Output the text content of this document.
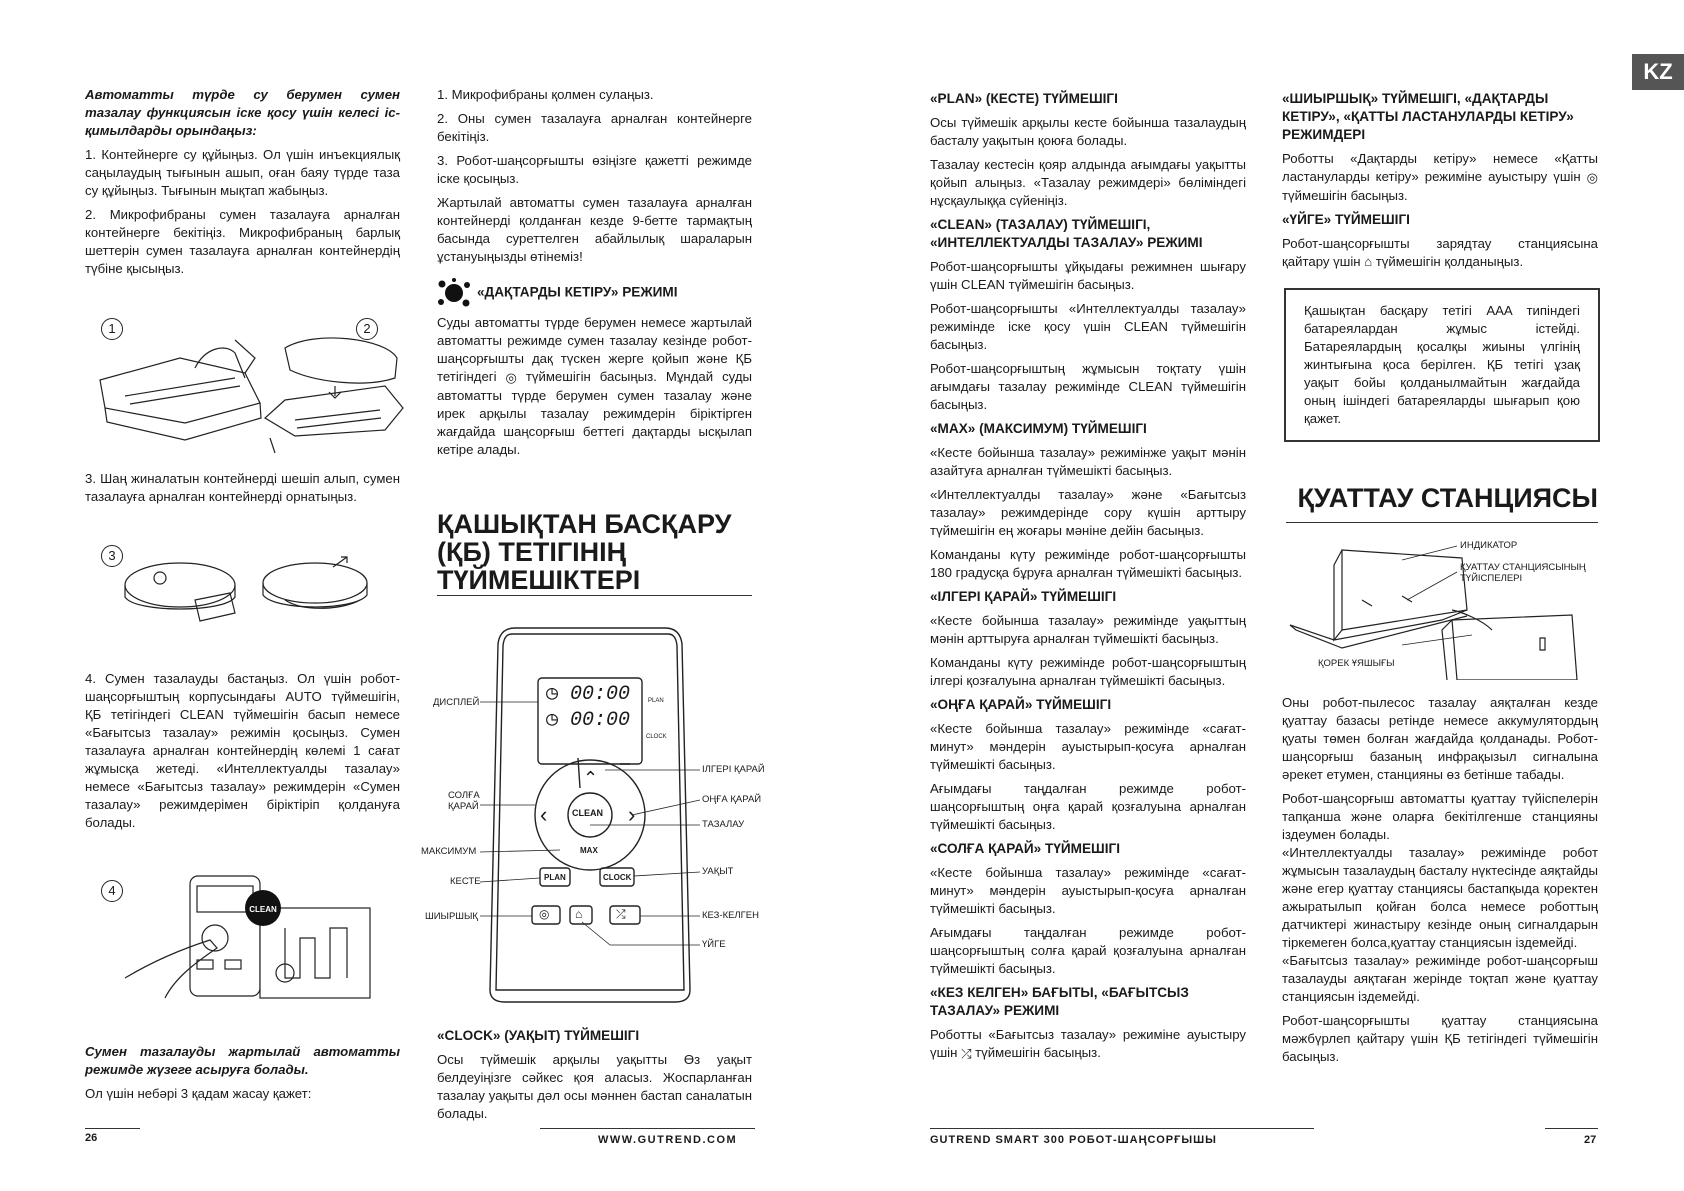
Автоматты түрде су берумен сумен тазалау функциясын іске қосу үшін келесі іс-қимылдарды орындаңыз:

1. Контейнерге су құйыңыз. Ол үшін инъекциялық саңылаудың тығынын ашып, оған баяу түрде таза су құйыңыз. Тығынын мықтап жабыңыз.

2. Микрофибраны сумен тазалауға арналған контейнерге бекітіңіз. Микрофибраның барлық шеттерін сумен тазалауға арналған контейнердің түбіне қысыңыз.

1	2

3. Шаң жиналатын контейнерді шешіп алып, сумен тазалауға арналған контейнерді орнатыңыз.

3

4. Сумен тазалауды бастаңыз. Ол үшін робот-шаңсорғыштың корпусындағы AUTO түймешігін, ҚБ тетігіндегі CLEAN түймешігін басып немесе «Бағытсыз тазалау» режимін қосыңыз. Сумен тазалауға арналған контейнердің көлемі 1 сағат жұмысқа жетеді. «Интеллектуалды тазалау» немесе «Бағытсыз тазалау» режимдерін «Сумен тазалау» режимдерімен біріктіріп қолдануға болады.

4
CLEAN

Сумен тазалауды жартылай автоматты режимде жүзеге асыруға болады.

Ол үшін небәрі 3 қадам жасау қажет:

1. Микрофибраны қолмен сулаңыз.

2. Оны сумен тазалауға арналған контейнерге бекітіңіз.

3. Робот-шаңсорғышты өзіңізге қажетті режимде іске қосыңыз.

Жартылай автоматты сумен тазалауға арналған контейнерді қолданған кезде 9-бетте тармақтың басында суреттелген абайлылық шараларын ұстануыңызды өтінеміз!

«ДАҚТАРДЫ КЕТІРУ» РЕЖИМІ

Суды автоматты түрде берумен немесе жартылай автоматты режимде сумен тазалау кезінде робот-шаңсорғышты дақ түскен жерге қойып және ҚБ тетігіндегі ◎ түймешігін басыңыз. Мұндай суды автоматты түрде берумен сумен тазалау және ирек арқылы тазалау режимдерін біріктірген жағдайда шаңсорғыш беттегі дақтарды ысқылап кетіре алады.

ҚАШЫҚТАН БАСҚАРУ

(ҚБ) ТЕТІГІНІҢ

ТҮЙМЕШІКТЕРІ

◷ 00:00
◷ 00:00
PLAN
CLOCK
⌃
‹	›
CLEAN
MAX
PLAN	CLOCK
◎ ⌂	⤮
ДИСПЛЕЙ
СОЛҒА ҚАРАЙ
МАКСИМУМ
КЕСТЕ
ШИЫРШЫҚ
ІЛГЕРІ ҚАРАЙ
ОҢҒА ҚАРАЙ
ТАЗАЛАУ
УАҚЫТ
КЕЗ-КЕЛГЕН
ҮЙГЕ
«CLOCK» (УАҚЫТ) ТҮЙМЕШІГІ

Осы түймешік арқылы уақытты Өз уақыт белдеуіңізге сәйкес қоя аласыз. Жоспарланған тазалау уақыты дәл осы мәннен бастап саналатын болады.

26	WWW.GUTREND.COM
KZ
«PLAN» (КЕСТЕ) ТҮЙМЕШІГІ

Осы түймешік арқылы кесте бойынша тазалаудың басталу уақытын қоюға болады.

Тазалау кестесін қояр алдында ағымдағы уақытты қойып алыңыз. «Тазалау режимдері» бөліміндегі нұсқаулыққа сүйеніңіз.

«CLEAN» (ТАЗАЛАУ) ТҮЙМЕШІГІ, «ИНТЕЛЛЕКТУАЛДЫ ТАЗАЛАУ» РЕЖИМІ

Робот-шаңсорғышты ұйқыдағы режимнен шығару үшін CLEAN түймешігін басыңыз.

Робот-шаңсорғышты «Интеллектуалды тазалау» режимінде іске қосу үшін CLEAN түймешігін басыңыз.

Робот-шаңсорғыштың жұмысын тоқтату үшін ағымдағы тазалау режимінде CLEAN түймешігін басыңыз.

«MAX» (МАКСИМУМ) ТҮЙМЕШІГІ

«Кесте бойынша тазалау» режимінже уақыт мәнін азайтуға арналған түймешікті басыңыз.

«Интеллектуалды тазалау» және «Бағытсыз тазалау» режимдерінде сору күшін арттыру түймешігін ең жоғары мәніне дейін басыңыз.

Команданы күту режимінде робот-шаңсорғышты 180 градусқа бұруға арналған түймешікті басыңыз.

«ІЛГЕРІ ҚАРАЙ» ТҮЙМЕШІГІ

«Кесте бойынша тазалау» режимінде уақыттың мәнін арттыруға арналған түймешікті басыңыз.

Команданы күту режимінде робот-шаңсорғыштың ілгері қозғалуына арналған түймешікті басыңыз.

«ОҢҒА ҚАРАЙ» ТҮЙМЕШІГІ

«Кесте бойынша тазалау» режимінде «сағат-минут» мәндерін ауыстырып-қосуға арналған түймешікті басыңыз.

Ағымдағы таңдалған режимде робот-шаңсорғыштың оңға қарай қозғалуына арналған түймешікті басыңыз.

«СОЛҒА ҚАРАЙ» ТҮЙМЕШІГІ

«Кесте бойынша тазалау» режимінде «сағат-минут» мәндерін ауыстырып-қосуға арналған түймешікті басыңыз.

Ағымдағы таңдалған режимде робот-шаңсорғыштың солға қарай қозғалуына арналған түймешікті басыңыз.

«КЕЗ КЕЛГЕН» БАҒЫТЫ, «БАҒЫТСЫЗ ТАЗАЛАУ» РЕЖИМІ

Роботты «Бағытсыз тазалау» режиміне ауыстыру үшін ⤮ түймешігін басыңыз.

«ШИЫРШЫҚ» ТҮЙМЕШІГІ, «ДАҚТАРДЫ КЕТІРУ», «ҚАТТЫ ЛАСТАНУЛАРДЫ КЕТІРУ» РЕЖИМДЕРІ

Роботты «Дақтарды кетіру» немесе «Қатты ластануларды кетіру» режиміне ауыстыру үшін ◎ түймешігін басыңыз.

«ҮЙГЕ» ТҮЙМЕШІГІ

Робот-шаңсорғышты зарядтау станциясына қайтару үшін ⌂ түймешігін қолданыңыз.

Қашықтан басқару тетігі AAA типіндегі батареялардан жұмыс істейді. Батареялардың қосалқы жиыны үлгінің жинтығына қоса берілген. ҚБ тетігі ұзақ уақыт бойы қолданылмайтын жағдайда оның ішіндегі батареяларды шығарып қою қажет.

ҚУАТТАУ СТАНЦИЯСЫ

ИНДИКАТОР
ҚУАТТАУ СТАНЦИЯСЫНЫҢ ТҮЙІСПЕЛЕРІ
ҚОРЕК ҰЯШЫҒЫ

Оны робот-пылесос тазалау аяқталған кезде қуаттау базасы ретінде немесе аккумулятордың қуаты төмен болған жағдайда қолданады. Робот-шаңсорғыш базаның инфрақызыл сигналына әрекет етумен, станцияны өз бетінше табады.

Робот-шаңсорғыш автоматты қуаттау түйіспелерін тапқанша және оларға бекітілгенше станцияны іздеумен болады.

«Интеллектуалды тазалау» режимінде робот жұмысын тазалаудың басталу нүктесінде аяқтайды және егер қуаттау станциясы бастапқыда қоректен ажыратылып қойған болса немесе роботтың датчиктері жинастыру кезінде оның сигналдарын тіркемеген болса,қуаттау станциясын іздемейді.

«Бағытсыз тазалау» режимінде робот-шаңсорғыш тазалауды аяқтаған жерінде тоқтап және қуаттау станциясын іздемейді.

Робот-шаңсорғышты қуаттау станциясына мәжбүрлеп қайтару үшін ҚБ тетігіндегі түймешігін басыңыз.

GUTREND SMART 300 РОБОТ-ШАҢСОРҒЫШЫ	27
